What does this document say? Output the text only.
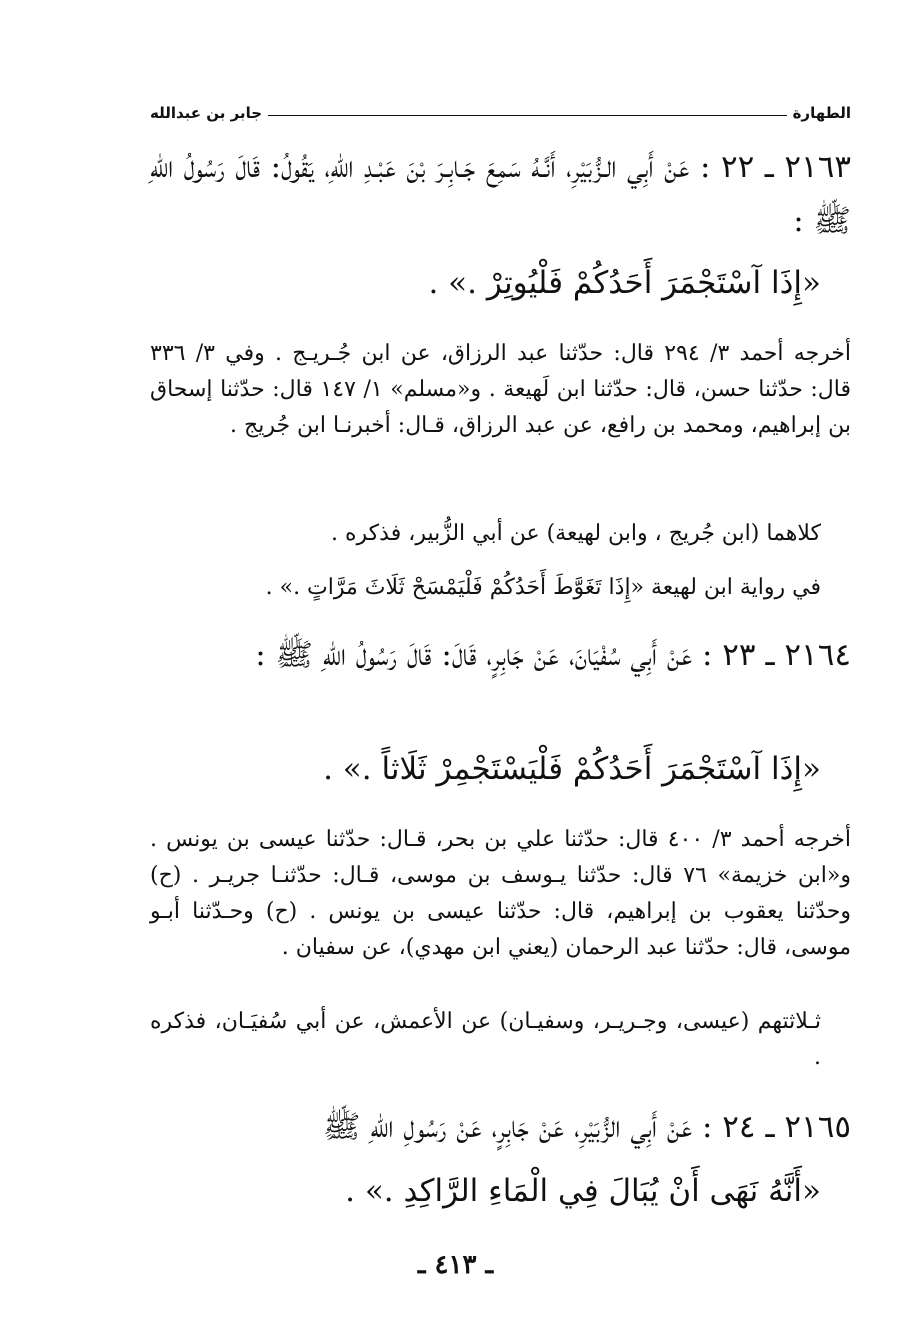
الطهارة
جابر بن عبدالله
٢١٦٣ ـ ٢٢ : عَنْ أَبِي الـزُّبَيْرِ، أَنَّـهُ سَمِعَ جَـابِـرَ بْنَ عَبْـدِ اللهِ، يَقُولُ: قَالَ رَسُولُ اللهِ ﷺ :
«إِذَا آسْتَجْمَرَ أَحَدُكُمْ فَلْيُوتِرْ .» .
أخرجه أحمد ٣/ ٢٩٤ قال: حدّثنا عبد الرزاق، عن ابن جُـريـج . وفي ٣/ ٣٣٦ قال: حدّثنا حسن، قال: حدّثنا ابن لَهيعة . و«مسلم» ١/ ١٤٧ قال: حدّثنا إسحاق بن إبراهيم، ومحمد بن رافع، عن عبد الرزاق، قـال: أخبرنـا ابن جُريج .
كلاهما (ابن جُريج ، وابن لهيعة) عن أبي الزُّبير، فذكره .
في رواية ابن لهيعة «إِذَا تَغَوَّطَ أَحَدُكُمْ فَلْيَمْسَحْ ثَلَاثَ مَرَّاتٍ .» .
٢١٦٤ ـ ٢٣ : عَنْ أَبِي سُفْيَانَ، عَنْ جَابِرٍ، قَالَ: قَالَ رَسُولُ اللهِ ﷺ :
«إِذَا آسْتَجْمَرَ أَحَدُكُمْ فَلْيَسْتَجْمِرْ ثَلَاثاً .» .
أخرجه أحمد ٣/ ٤٠٠ قال: حدّثنا علي بن بحر، قـال: حدّثنا عيسى بن يونس . و«ابن خزيمة» ٧٦ قال: حدّثنا يـوسف بن موسى، قـال: حدّثنـا جريـر . (ح) وحدّثنا يعقوب بن إبراهيم، قال: حدّثنا عيسى بن يونس . (ح) وحـدّثنا أبـو موسى، قال: حدّثنا عبد الرحمان (يعني ابن مهدي)، عن سفيان .
ثـلاثتهم (عيسى، وجـريـر، وسفيـان) عن الأعمش، عن أبي سُفيَـان، فذكره .
٢١٦٥ ـ ٢٤ : عَنْ أَبِي الزُّبَيْرِ، عَنْ جَابِرٍ، عَنْ رَسُولِ اللهِ ﷺ
«أَنَّهُ نَهَى أَنْ يُبَالَ فِي الْمَاءِ الرَّاكِدِ .» .
ـ ٤١٣ ـ
